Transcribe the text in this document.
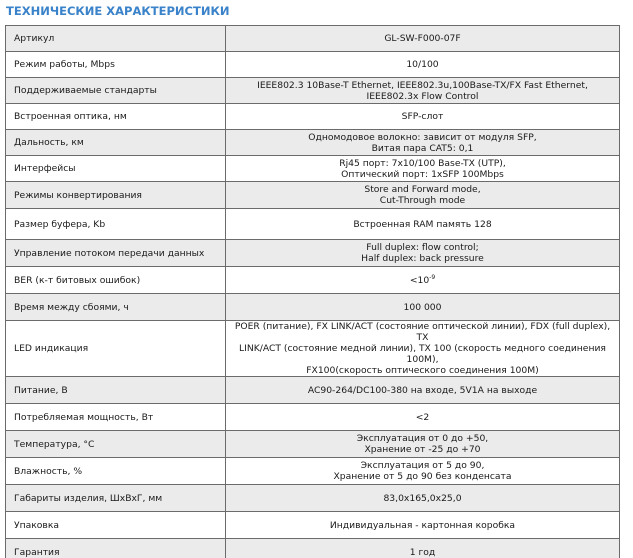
ТЕХНИЧЕСКИЕ ХАРАКТЕРИСТИКИ
Артикул	GL-SW-F000-07F

Режим работы, Mbps	10/100

Поддерживаемые стандарты	IEEE802.3 10Base-T Ethernet, IEEE802.3u,100Base-TX/FX Fast Ethernet,
IEEE802.3x Flow Control

Встроенная оптика, нм	SFP-слот

Дальность, км	Одномодовое волокно: зависит от модуля SFP,
Витая пара CAT5: 0,1

Интерфейсы	Rj45 порт: 7x10/100 Base-TX (UTP),
Оптический порт: 1xSFP 100Mbps

Режимы конвертирования	Store and Forward mode,
Cut-Through mode

Размер буфера, Kb	Встроенная RAM память 128

Управление потоком передачи данных	Full duplex: flow control;
Half duplex: back pressure

BER (к-т битовых ошибок)	$<10^{-9}$

Время между сбоями, ч	100 000

LED индикация	POER (питание), FX LINK/ACT (состояние оптической линии), FDX (full duplex), TX
LINK/ACT (состояние медной линии), TX 100 (скорость медного соединения 100M),
FX100(скорость оптического соединения 100M)

Питание, В	AC90-264/DC100-380 на входе, 5V1A на выходе

Потребляемая мощность, Вт	<2

Температура, °С	Эксплуатация от 0 до +50,
Хранение от -25 до +70

Влажность, %	Эксплуатация от 5 до 90,
Хранение от 5 до 90 без конденсата

Габариты изделия, ШхВхГ, мм	83,0x165,0x25,0

Упаковка	Индивидуальная - картонная коробка

Гарантия	1 год
